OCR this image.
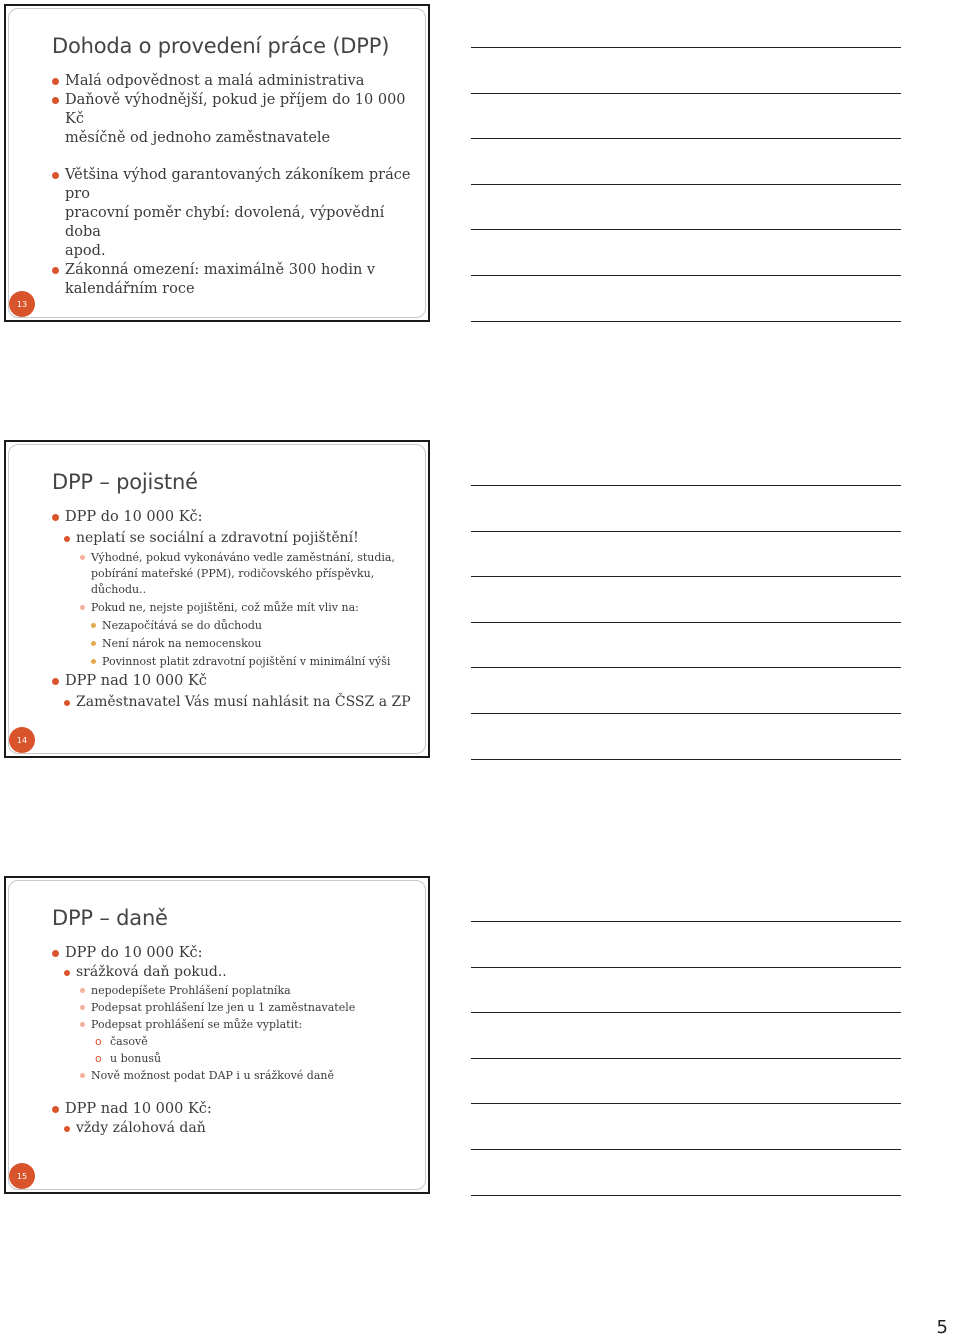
Dohoda o provedení práce (DPP)
Malá odpovědnost a malá administrativa
Daňově výhodnější, pokud je příjem do 10 000 Kč
měsíčně od jednoho zaměstnavatele
Většina výhod garantovaných zákoníkem práce pro
pracovní poměr chybí: dovolená, výpovědní doba
apod.
Zákonná omezení: maximálně 300 hodin v
kalendářním roce
13
DPP – pojistné
DPP do 10 000 Kč:
neplatí se sociální a zdravotní pojištění!
Výhodné, pokud vykonáváno vedle zaměstnání, studia,
pobírání mateřské (PPM), rodičovského příspěvku, důchodu..
Pokud ne, nejste pojištěni, což může mít vliv na:
Nezapočítává se do důchodu
Není nárok na nemocenskou
Povinnost platit zdravotní pojištění v minimální výši
DPP nad 10 000 Kč
Zaměstnavatel Vás musí nahlásit na ČSSZ a ZP
14
DPP – daně
DPP do 10 000 Kč:
srážková daň pokud..
nepodepíšete Prohlášení poplatníka
Podepsat prohlášení lze jen u 1 zaměstnavatele
Podepsat prohlášení se může vyplatit:
o časově
o u bonusů
Nově možnost podat DAP i u srážkové daně
DPP nad 10 000 Kč:
vždy zálohová daň
15
5
